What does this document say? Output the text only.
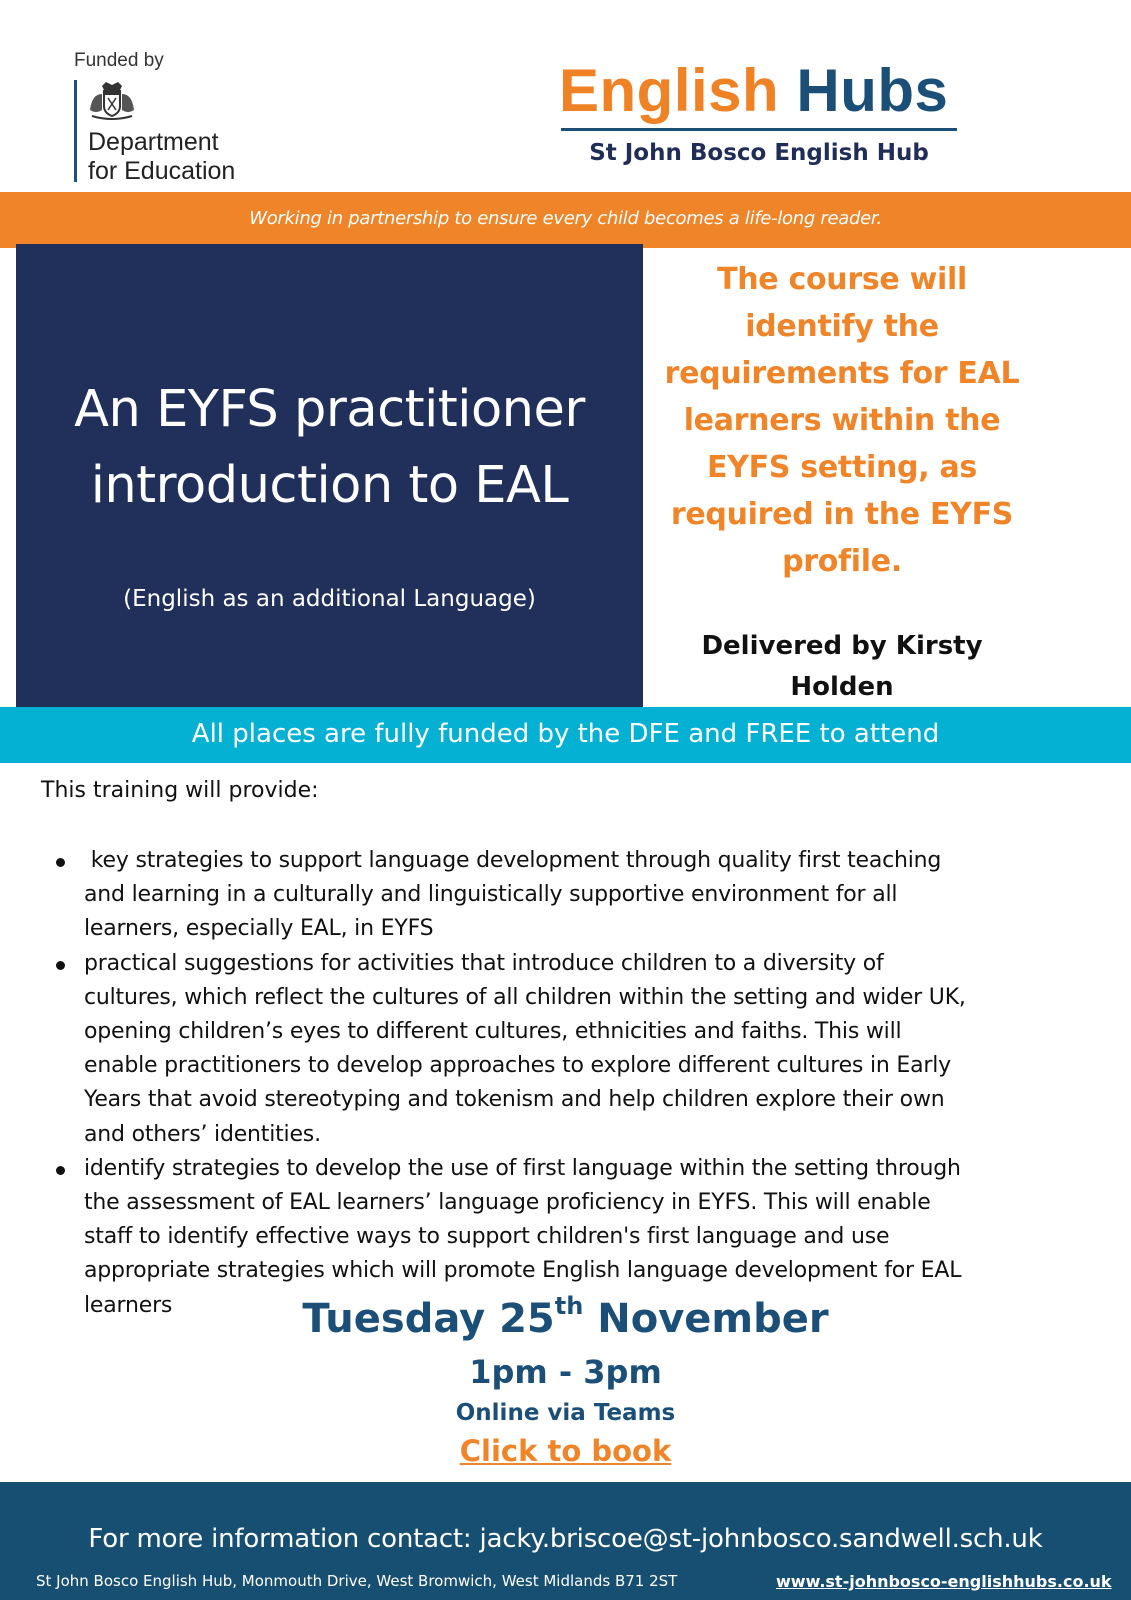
Funded by
Department
for Education
English Hubs
St John Bosco English Hub
Working in partnership to ensure every child becomes a life-long reader.
An EYFS practitioner
introduction to EAL
(English as an additional Language)
The course will
identify the
requirements for EAL
learners within the
EYFS setting, as
required in the EYFS
profile.
Delivered by Kirsty
Holden
All places are fully funded by the DFE and FREE to attend
This training will provide:
key strategies to support language development through quality first teaching
and learning in a culturally and linguistically supportive environment for all
learners, especially EAL, in EYFS
practical suggestions for activities that introduce children to a diversity of
cultures, which reflect the cultures of all children within the setting and wider UK,
opening children’s eyes to different cultures, ethnicities and faiths. This will
enable practitioners to develop approaches to explore different cultures in Early
Years that avoid stereotyping and tokenism and help children explore their own
and others’ identities.
identify strategies to develop the use of first language within the setting through
the assessment of EAL learners’ language proficiency in EYFS. This will enable
staff to identify effective ways to support children's first language and use
appropriate strategies which will promote English language development for EAL
learners	Tuesday 25th November
1pm - 3pm
Online via Teams
Click to book
For more information contact: jacky.briscoe@st-johnbosco.sandwell.sch.uk
St John Bosco English Hub, Monmouth Drive, West Bromwich, West Midlands B71 2ST	www.st-johnbosco-englishhubs.co.uk
